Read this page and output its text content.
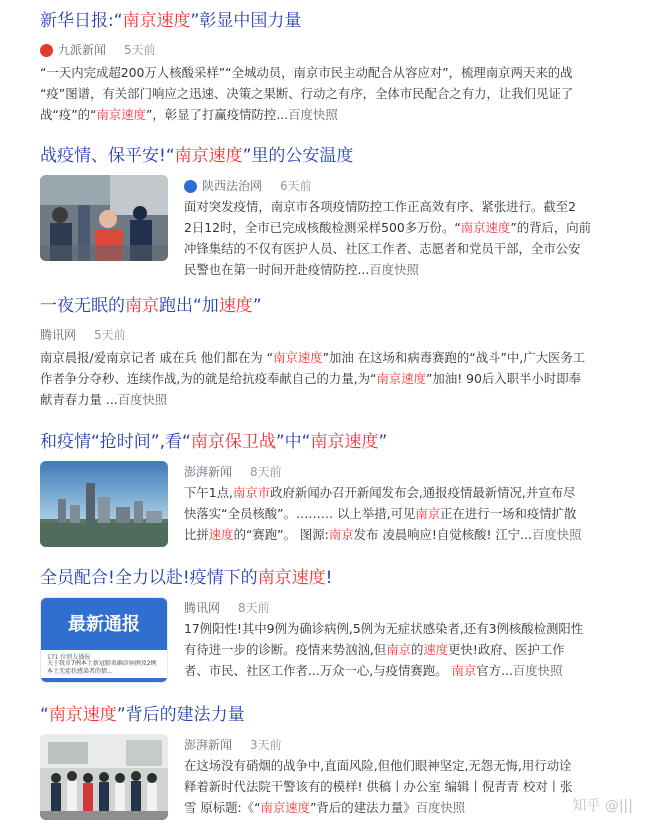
新华日报:“南京速度”彰显中国力量
九派新闻 5天前
“一天内完成超200万人核酸采样”“全城动员，南京市民主动配合从容应对”，梳理南京两天来的战
“疫”图谱，有关部门响应之迅速、决策之果断、行动之有序，全体市民配合之有力，让我们见证了
战“疫”的“南京速度”，彰显了打赢疫情防控...百度快照
战疫情、保平安!“南京速度”里的公安温度
陕西法治网 6天前
面对突发疫情，南京市各项疫情防控工作正高效有序、紧张进行。截至2
2日12时，全市已完成核酸检测采样500多万份。“南京速度”的背后，向前
冲锋集结的不仅有医护人员、社区工作者、志愿者和党员干部，全市公安
民警也在第一时间开赴疫情防控...百度快照
一夜无眠的南京跑出“加速度”
腾讯网 5天前
南京晨报/爱南京记者 戚在兵 他们都在为 “南京速度”加油 在这场和病毒赛跑的“战斗”中,广大医务工
作者争分夺秒、连续作战,为的就是给抗疫奉献自己的力量,为“南京速度”加油! 90后入职半小时即奉
献青春力量 ...百度快照
和疫情“抢时间”,看“南京保卫战”中“南京速度”
澎湃新闻 8天前
下午1点,南京市政府新闻办召开新闻发布会,通报疫情最新情况,并宣布尽
快落实“全员核酸”。……… 以上举措,可见南京正在进行一场和疫情扩散
比拼速度的“赛跑”。 图源:南京发布 凌晨响应!自觉核酸! 江宁...百度快照
全员配合!全力以赴!疫情下的南京速度!
最新通报
171 位朋友播报
关于我市7例本土新冠肺炎确诊病例及2例本土无症状感染者的情...
腾讯网 8天前
17例阳性!其中9例为确诊病例,5例为无症状感染者,还有3例核酸检测阳性
有待进一步的诊断。疫情来势汹汹,但南京的速度更快!政府、医护工作
者、市民、社区工作者...万众一心,与疫情赛跑。 南京官方...百度快照
“南京速度”背后的建法力量
澎湃新闻 3天前
在这场没有硝烟的战争中,直面风险,但他们眼神坚定,无怨无悔,用行动诠
释着新时代法院干警该有的模样! 供稿丨办公室 编辑丨倪青青 校对丨张
雪 原标题:《“南京速度”背后的建法力量》百度快照	知乎 @|||
